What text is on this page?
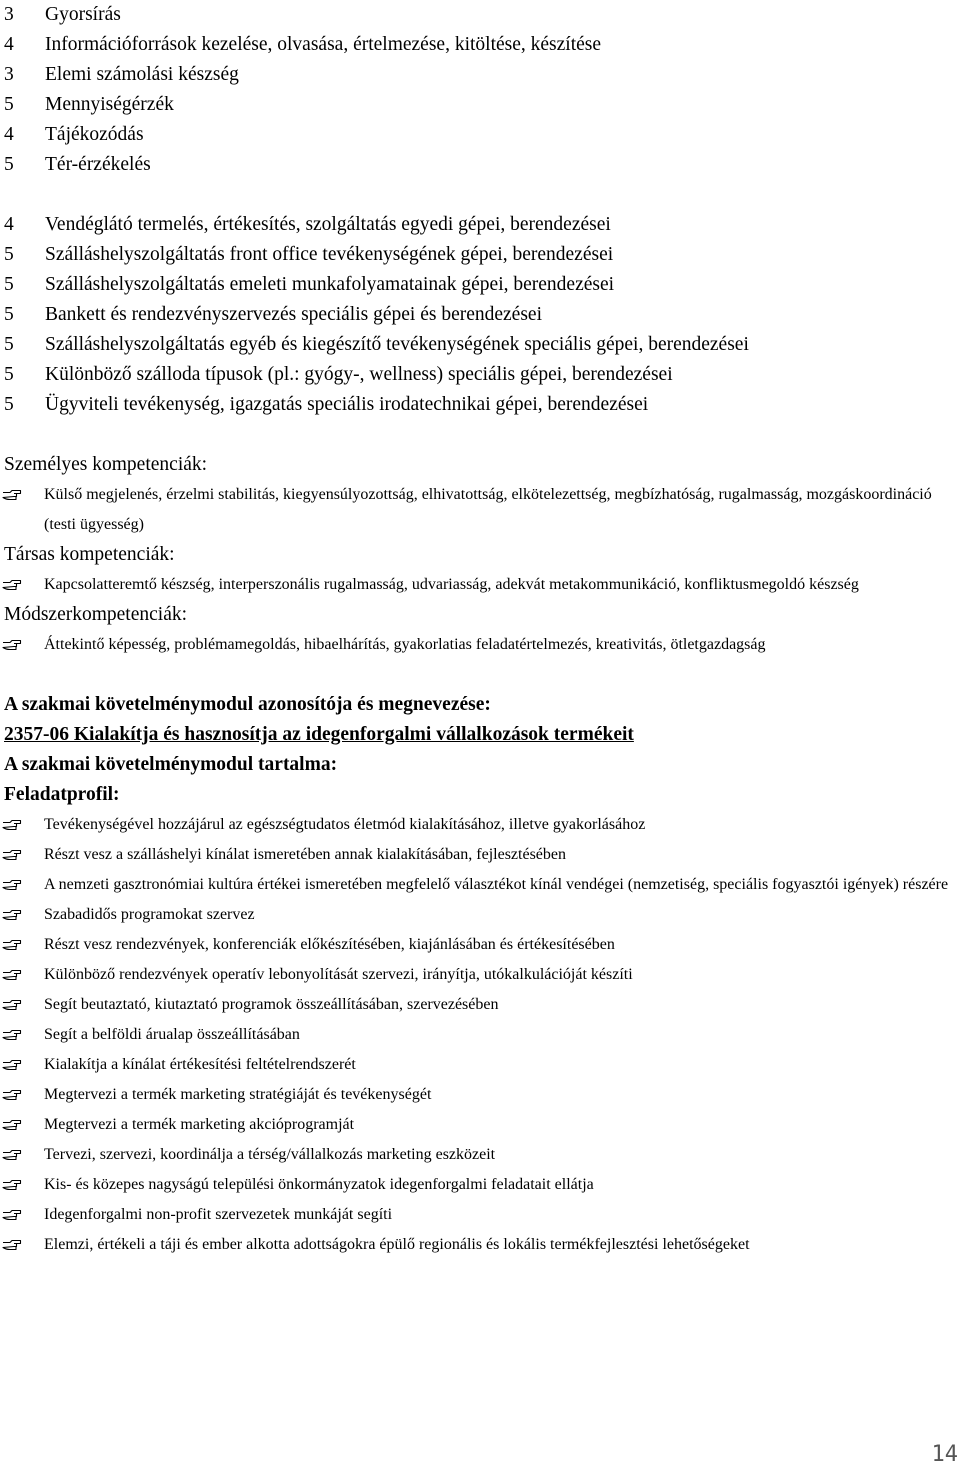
3	Gyorsírás
4	Információforrások kezelése, olvasása, értelmezése, kitöltése, készítése
3	Elemi számolási készség
5	Mennyiségérzék
4	Tájékozódás
5	Tér-érzékelés
4	Vendéglátó termelés, értékesítés, szolgáltatás egyedi gépei, berendezései
5	Szálláshelyszolgáltatás front office tevékenységének gépei, berendezései
5	Szálláshelyszolgáltatás emeleti munkafolyamatainak gépei, berendezései
5	Bankett és rendezvényszervezés speciális gépei és berendezései
5	Szálláshelyszolgáltatás egyéb és kiegészítő tevékenységének speciális gépei, berendezései
5	Különböző szálloda típusok (pl.: gyógy-, wellness) speciális gépei, berendezései
5	Ügyviteli tevékenység, igazgatás speciális irodatechnikai gépei, berendezései
Személyes kompetenciák:
Külső megjelenés, érzelmi stabilitás, kiegyensúlyozottság, elhivatottság, elkötelezettség, megbízhatóság, rugalmasság, mozgáskoordináció (testi ügyesség)
Társas kompetenciák:
Kapcsolatteremtő készség, interperszonális rugalmasság, udvariasság, adekvát metakommunikáció, konfliktusmegoldó készség
Módszerkompetenciák:
Áttekintő képesség, problémamegoldás, hibaelhárítás, gyakorlatias feladatértelmezés, kreativitás, ötletgazdagság
A szakmai követelménymodul azonosítója és megnevezése:
2357-06 Kialakítja és hasznosítja az idegenforgalmi vállalkozások termékeit
A szakmai követelménymodul tartalma:
Feladatprofil:
Tevékenységével hozzájárul az egészségtudatos életmód kialakításához, illetve gyakorlásához
Részt vesz a szálláshelyi kínálat ismeretében annak kialakításában, fejlesztésében
A nemzeti gasztronómiai kultúra értékei ismeretében megfelelő választékot kínál vendégei (nemzetiség, speciális fogyasztói igények) részére
Szabadidős programokat szervez
Részt vesz rendezvények, konferenciák előkészítésében, kiajánlásában és értékesítésében
Különböző rendezvények operatív lebonyolítását szervezi, irányítja, utókalkulációját készíti
Segít beutaztató, kiutaztató programok összeállításában, szervezésében
Segít a belföldi árualap összeállításában
Kialakítja a kínálat értékesítési feltételrendszerét
Megtervezi a termék marketing stratégiáját és tevékenységét
Megtervezi a termék marketing akcióprogramját
Tervezi, szervezi, koordinálja a térség/vállalkozás marketing eszközeit
Kis- és közepes nagyságú települési önkormányzatok idegenforgalmi feladatait ellátja
Idegenforgalmi non-profit szervezetek munkáját segíti
Elemzi, értékeli a táji és ember alkotta adottságokra épülő regionális és lokális termékfejlesztési lehetőségeket
14
